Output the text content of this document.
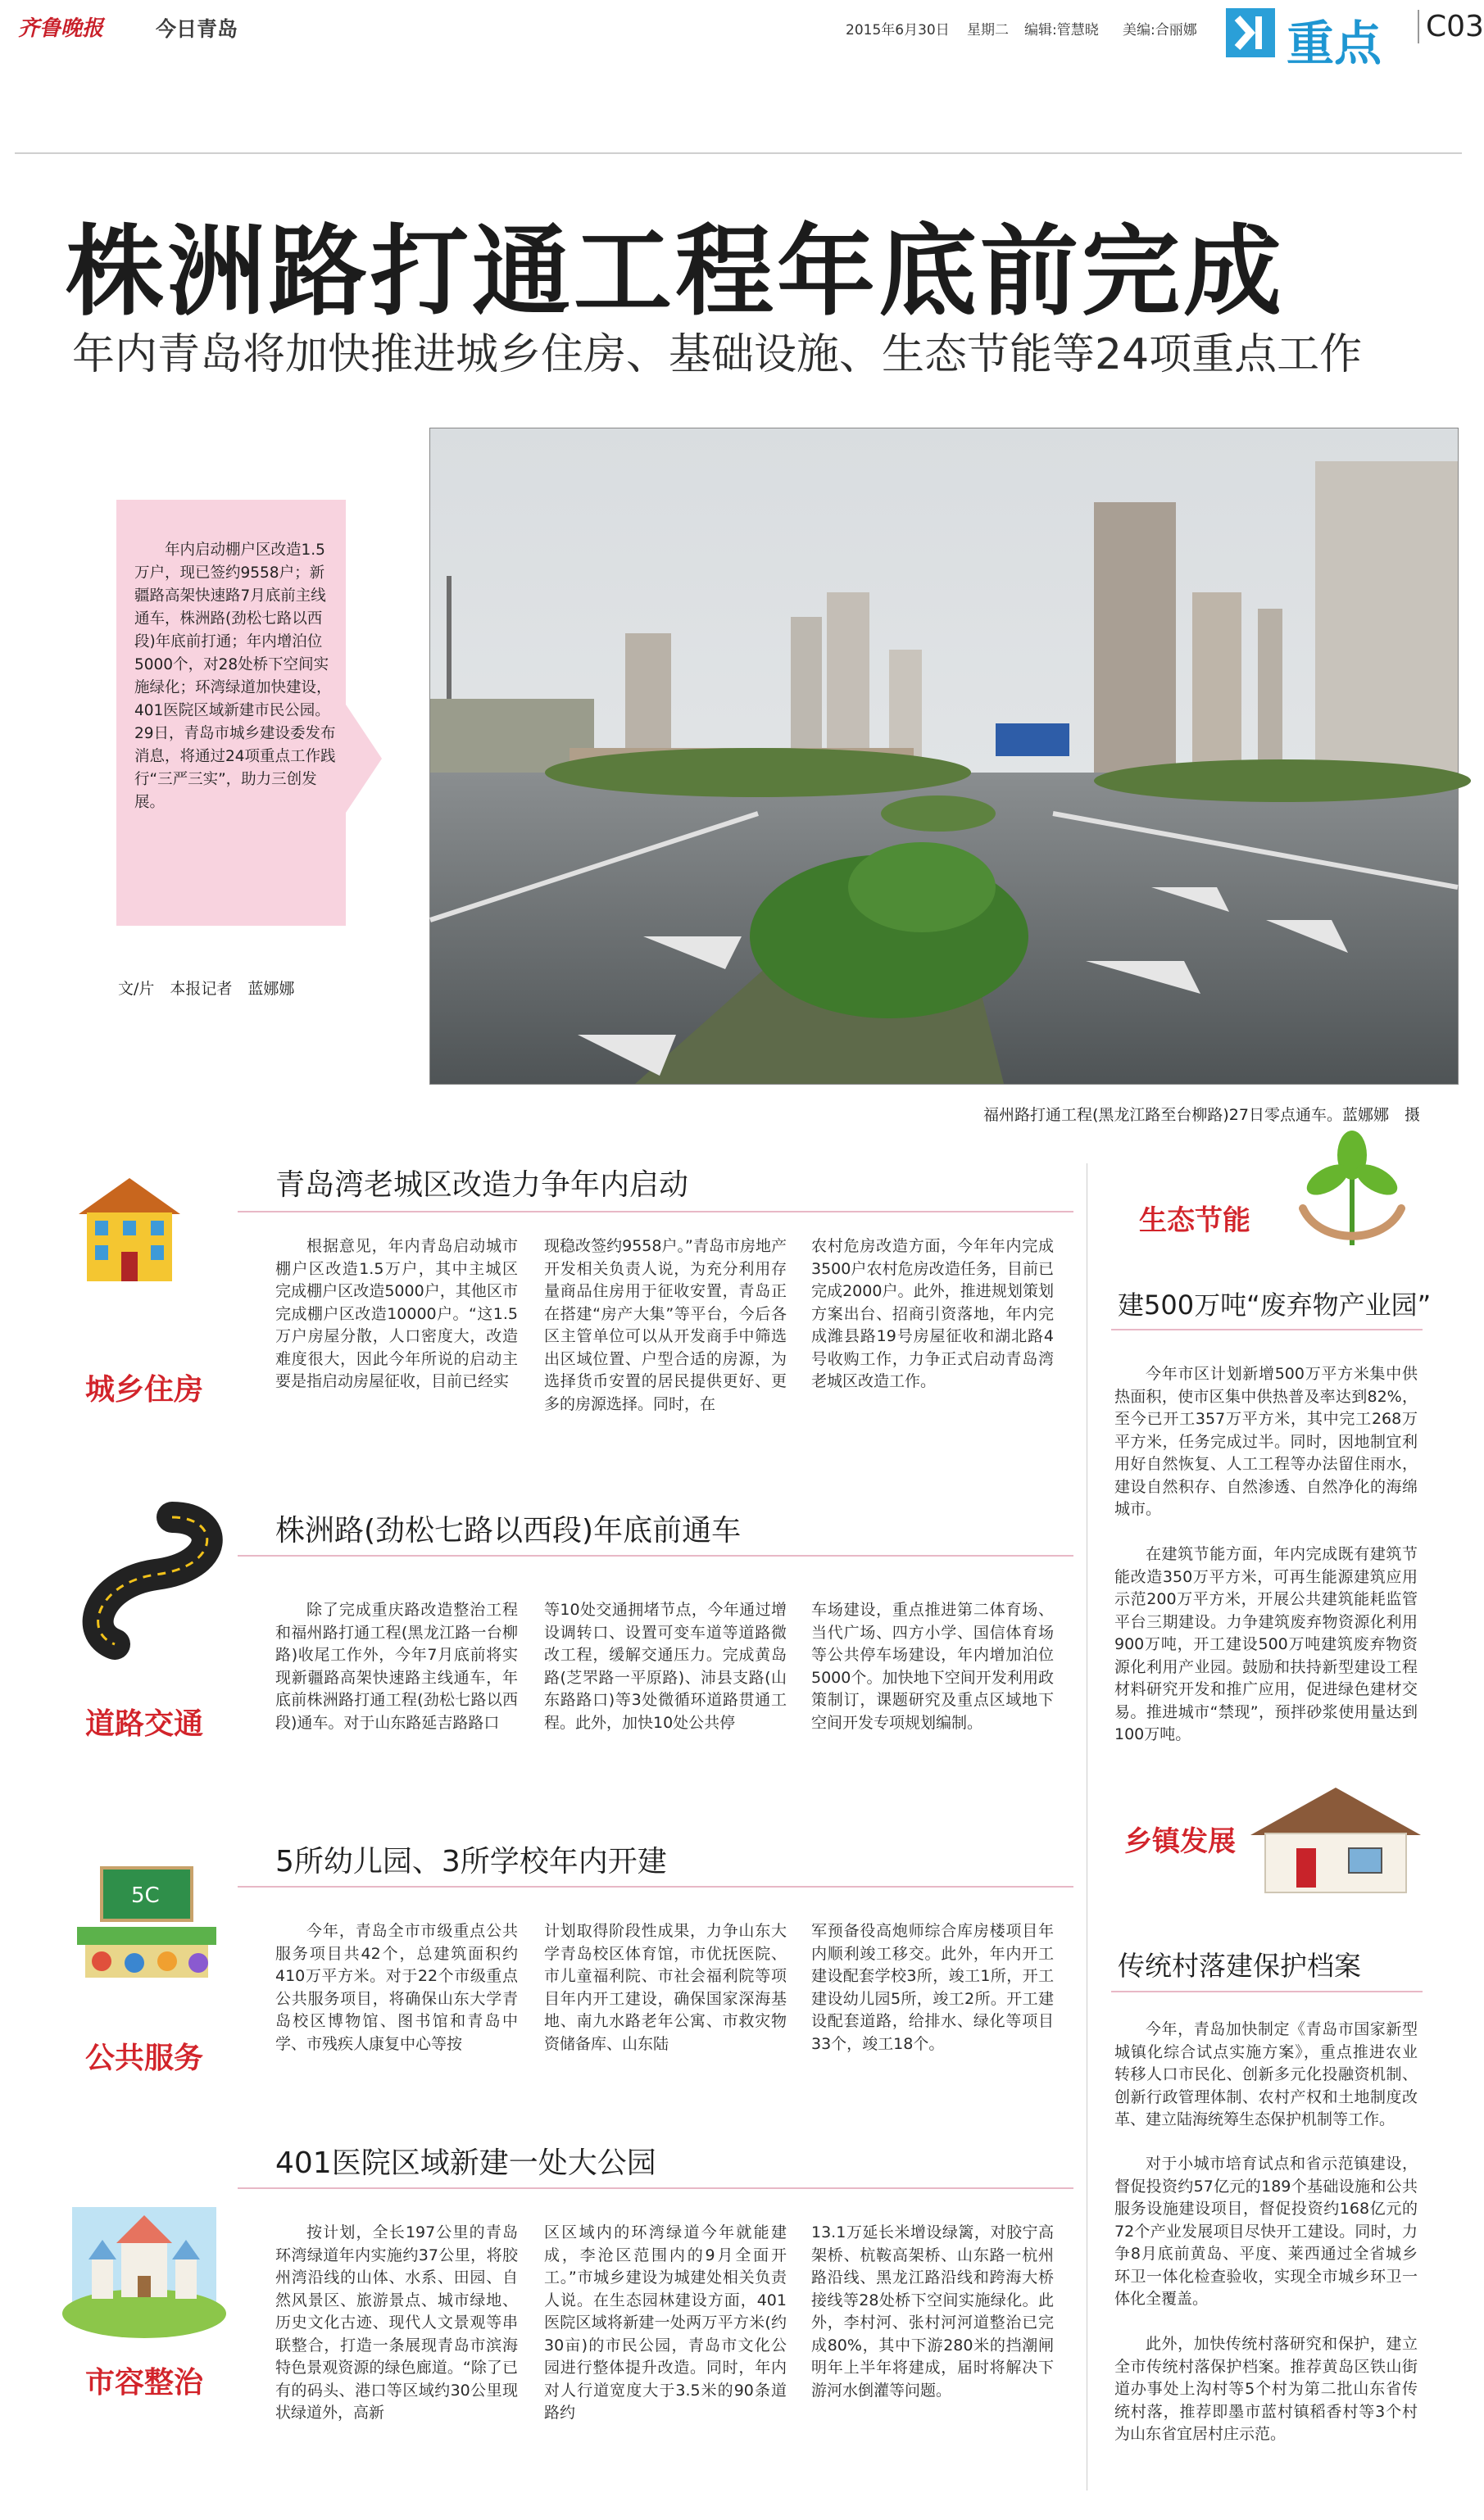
齐鲁晚报	今日青岛	2015年6月30日 星期二 编辑:管慧晓 美编:合丽娜 重点 C03
株洲路打通工程年底前完成
年内青岛将加快推进城乡住房、基础设施、生态节能等24项重点工作
年内启动棚户区改造1.5万户，现已签约9558户；新疆路高架快速路7月底前主线通车，株洲路(劲松七路以西段)年底前打通；年内增泊位5000个，对28处桥下空间实施绿化；环湾绿道加快建设，401医院区域新建市民公园。29日，青岛市城乡建设委发布消息，将通过24项重点工作践行“三严三实”，助力三创发展。
文/片　本报记者　蓝娜娜
福州路打通工程(黑龙江路至台柳路)27日零点通车。蓝娜娜　摄
城乡住房
青岛湾老城区改造力争年内启动
根据意见，年内青岛启动城市棚户区改造1.5万户，其中主城区完成棚户区改造5000户，其他区市完成棚户区改造10000户。“这1.5万户房屋分散，人口密度大，改造难度很大，因此今年所说的启动主要是指启动房屋征收，目前已经实
现稳改签约9558户。”青岛市房地产开发相关负责人说，为充分利用存量商品住房用于征收安置，青岛正在搭建“房产大集”等平台，今后各区主管单位可以从开发商手中筛选出区域位置、户型合适的房源，为选择货币安置的居民提供更好、更多的房源选择。同时，在
农村危房改造方面，今年年内完成3500户农村危房改造任务，目前已完成2000户。此外，推进规划策划方案出台、招商引资落地，年内完成潍县路19号房屋征收和湖北路4号收购工作，力争正式启动青岛湾老城区改造工作。
道路交通
株洲路(劲松七路以西段)年底前通车
除了完成重庆路改造整治工程和福州路打通工程(黑龙江路一台柳路)收尾工作外，今年7月底前将实现新疆路高架快速路主线通车，年底前株洲路打通工程(劲松七路以西段)通车。对于山东路延吉路路口
等10处交通拥堵节点，今年通过增设调转口、设置可变车道等道路微改工程，缓解交通压力。完成黄岛路(芝罘路一平原路)、沛县支路(山东路路口)等3处微循环道路贯通工程。此外，加快10处公共停
车场建设，重点推进第二体育场、当代广场、四方小学、国信体育场等公共停车场建设，年内增加泊位5000个。加快地下空间开发利用政策制订，课题研究及重点区域地下空间开发专项规划编制。
5C
公共服务
5所幼儿园、3所学校年内开建
今年，青岛全市市级重点公共服务项目共42个，总建筑面积约410万平方米。对于22个市级重点公共服务项目，将确保山东大学青岛校区博物馆、图书馆和青岛中学、市残疾人康复中心等按
计划取得阶段性成果，力争山东大学青岛校区体育馆，市优抚医院、市儿童福利院、市社会福利院等项目年内开工建设，确保国家深海基地、南九水路老年公寓、市救灾物资储备库、山东陆
军预备役高炮师综合库房楼项目年内顺利竣工移交。此外，年内开工建设配套学校3所，竣工1所，开工建设幼儿园5所，竣工2所。开工建设配套道路，给排水、绿化等项目33个，竣工18个。
市容整治
401医院区域新建一处大公园
按计划，全长197公里的青岛环湾绿道年内实施约37公里，将胶州湾沿线的山体、水系、田园、自然风景区、旅游景点、城市绿地、历史文化古迹、现代人文景观等串联整合，打造一条展现青岛市滨海特色景观资源的绿色廊道。“除了已有的码头、港口等区域约30公里现状绿道外，高新
区区域内的环湾绿道今年就能建成，李沧区范围内的9月全面开工。”市城乡建设为城建处相关负责人说。在生态园林建设方面，401医院区域将新建一处两万平方米(约30亩)的市民公园，青岛市文化公园进行整体提升改造。同时，年内对人行道宽度大于3.5米的90条道路约
13.1万延长米增设绿篱，对胶宁高架桥、杭鞍高架桥、山东路一杭州路沿线、黑龙江路沿线和跨海大桥接线等28处桥下空间实施绿化。此外，李村河、张村河河道整治已完成80%，其中下游280米的挡潮闸明年上半年将建成，届时将解决下游河水倒灌等问题。
生态节能
建500万吨“废弃物产业园”
今年市区计划新增500万平方米集中供热面积，使市区集中供热普及率达到82%，至今已开工357万平方米，其中完工268万平方米，任务完成过半。同时，因地制宜利用好自然恢复、人工工程等办法留住雨水，建设自然积存、自然渗透、自然净化的海绵城市。
在建筑节能方面，年内完成既有建筑节能改造350万平方米，可再生能源建筑应用示范200万平方米，开展公共建筑能耗监管平台三期建设。力争建筑废弃物资源化利用900万吨，开工建设500万吨建筑废弃物资源化利用产业园。鼓励和扶持新型建设工程材料研究开发和推广应用，促进绿色建材交易。推进城市“禁现”，预拌砂浆使用量达到100万吨。
乡镇发展
传统村落建保护档案
今年，青岛加快制定《青岛市国家新型城镇化综合试点实施方案》，重点推进农业转移人口市民化、创新多元化投融资机制、创新行政管理体制、农村产权和土地制度改革、建立陆海统筹生态保护机制等工作。
对于小城市培育试点和省示范镇建设，督促投资约57亿元的189个基础设施和公共服务设施建设项目，督促投资约168亿元的72个产业发展项目尽快开工建设。同时，力争8月底前黄岛、平度、莱西通过全省城乡环卫一体化检查验收，实现全市城乡环卫一体化全覆盖。
此外，加快传统村落研究和保护，建立全市传统村落保护档案。推荐黄岛区铁山街道办事处上沟村等5个村为第二批山东省传统村落，推荐即墨市蓝村镇稻香村等3个村为山东省宜居村庄示范。
